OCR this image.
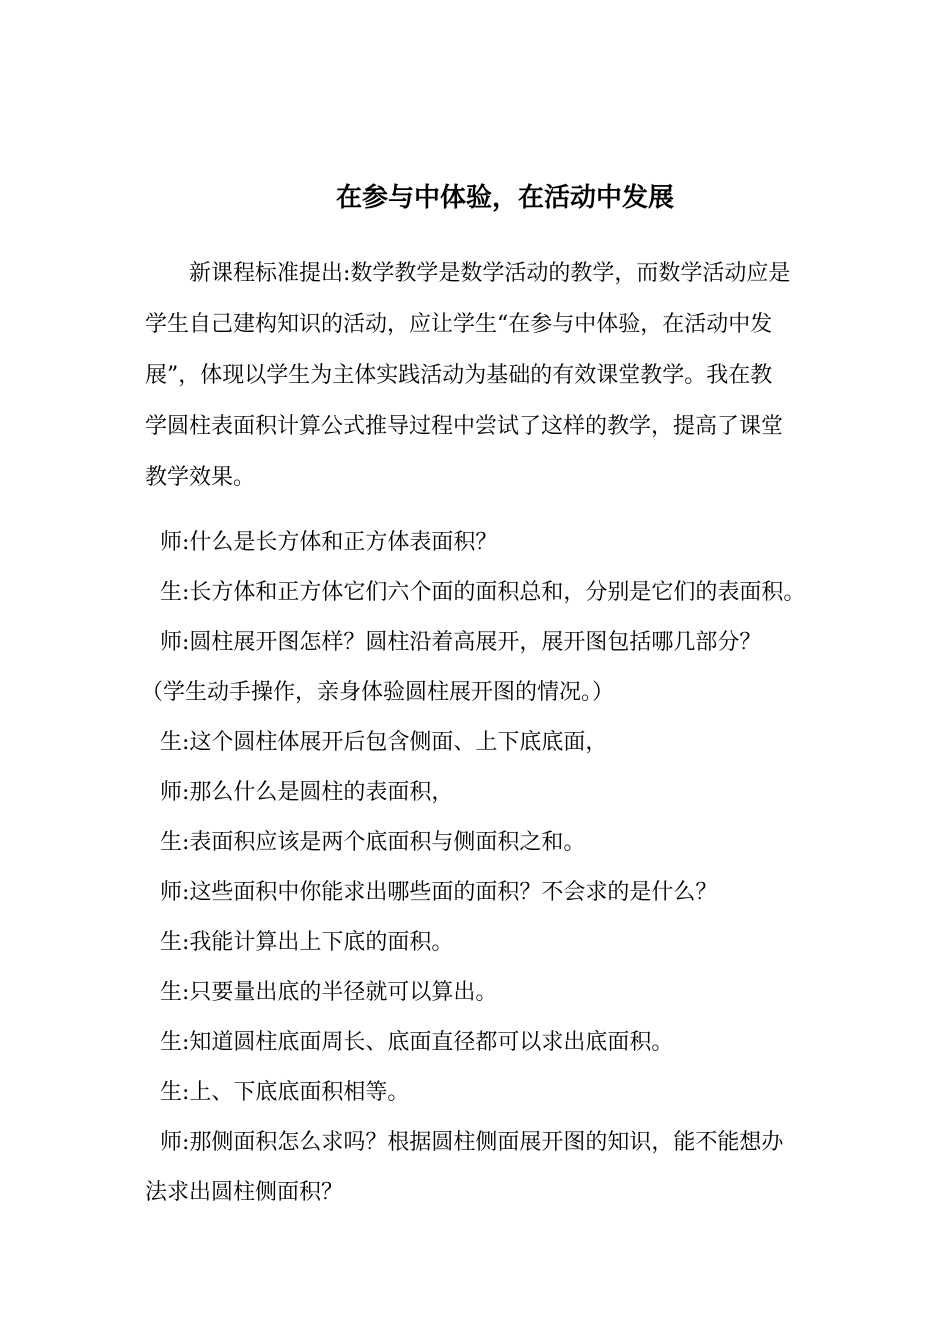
在参与中体验，在活动中发展
新课程标准提出:数学教学是数学活动的教学，而数学活动应是
学生自己建构知识的活动，应让学生“在参与中体验，在活动中发
展”，体现以学生为主体实践活动为基础的有效课堂教学。我在教
学圆柱表面积计算公式推导过程中尝试了这样的教学，提高了课堂
教学效果。
师:什么是长方体和正方体表面积？
生:长方体和正方体它们六个面的面积总和，分别是它们的表面积。
师:圆柱展开图怎样？圆柱沿着高展开，展开图包括哪几部分？
（学生动手操作，亲身体验圆柱展开图的情况。）
生:这个圆柱体展开后包含侧面、上下底底面，
师:那么什么是圆柱的表面积，
生:表面积应该是两个底面积与侧面积之和。
师:这些面积中你能求出哪些面的面积？不会求的是什么？
生:我能计算出上下底的面积。
生:只要量出底的半径就可以算出。
生:知道圆柱底面周长、底面直径都可以求出底面积。
生:上、下底底面积相等。
师:那侧面积怎么求吗？根据圆柱侧面展开图的知识，能不能想办
法求出圆柱侧面积？
